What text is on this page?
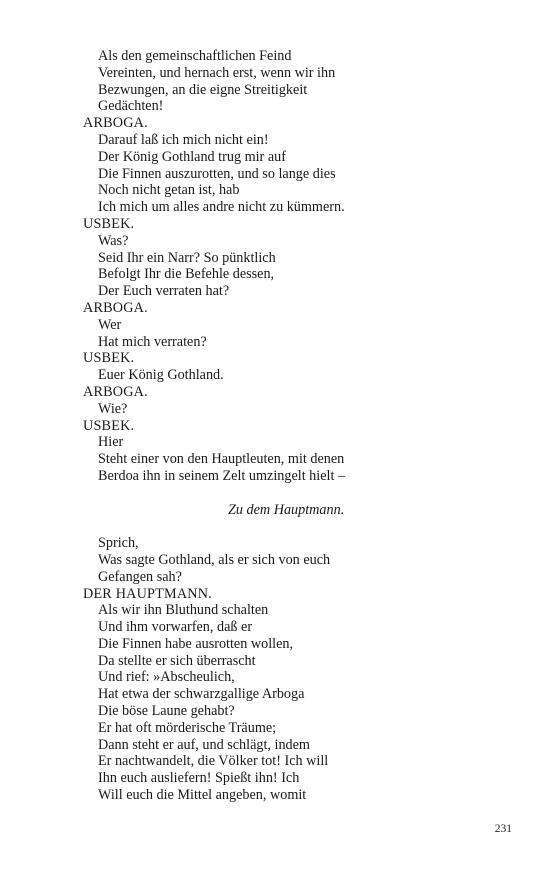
Als den gemeinschaftlichen Feind
Vereinten, und hernach erst, wenn wir ihn
Bezwungen, an die eigne Streitigkeit
Gedächten!
ARBOGA.
Darauf laß ich mich nicht ein!
Der König Gothland trug mir auf
Die Finnen auszurotten, und so lange dies
Noch nicht getan ist, hab
Ich mich um alles andre nicht zu kümmern.
USBEK.
Was?
Seid Ihr ein Narr? So pünktlich
Befolgt Ihr die Befehle dessen,
Der Euch verraten hat?
ARBOGA.
Wer
Hat mich verraten?
USBEK.
Euer König Gothland.
ARBOGA.
Wie?
USBEK.
Hier
Steht einer von den Hauptleuten, mit denen
Berdoa ihn in seinem Zelt umzingelt hielt –
Zu dem Hauptmann.
Sprich,
Was sagte Gothland, als er sich von euch
Gefangen sah?
DER HAUPTMANN.
Als wir ihn Bluthund schalten
Und ihm vorwarfen, daß er
Die Finnen habe ausrotten wollen,
Da stellte er sich überrascht
Und rief: »Abscheulich,
Hat etwa der schwarzgallige Arboga
Die böse Laune gehabt?
Er hat oft mörderische Träume;
Dann steht er auf, und schlägt, indem
Er nachtwandelt, die Völker tot! Ich will
Ihn euch ausliefern! Spießt ihn! Ich
Will euch die Mittel angeben, womit
231
